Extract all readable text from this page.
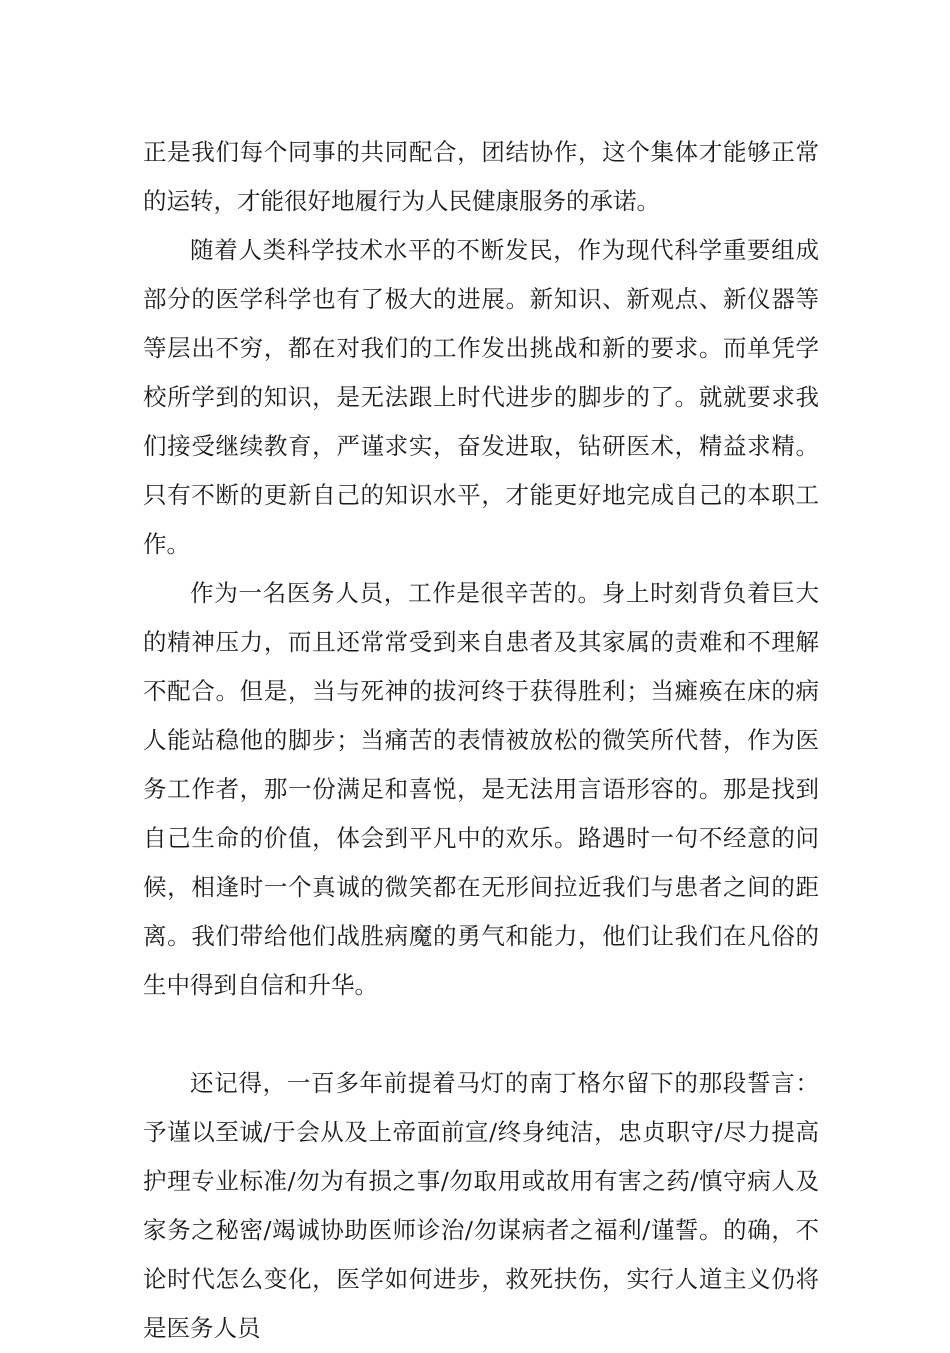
正是我们每个同事的共同配合，团结协作，这个集体才能够正常的运转，才能很好地履行为人民健康服务的承诺。

随着人类科学技术水平的不断发民，作为现代科学重要组成部分的医学科学也有了极大的进展。新知识、新观点、新仪器等等层出不穷，都在对我们的工作发出挑战和新的要求。而单凭学校所学到的知识，是无法跟上时代进步的脚步的了。就就要求我们接受继续教育，严谨求实，奋发进取，钻研医术，精益求精。只有不断的更新自己的知识水平，才能更好地完成自己的本职工作。

作为一名医务人员，工作是很辛苦的。身上时刻背负着巨大的精神压力，而且还常常受到来自患者及其家属的责难和不理解不配合。但是，当与死神的拔河终于获得胜利；当瘫痪在床的病人能站稳他的脚步；当痛苦的表情被放松的微笑所代替，作为医务工作者，那一份满足和喜悦，是无法用言语形容的。那是找到自己生命的价值，体会到平凡中的欢乐。路遇时一句不经意的问候，相逢时一个真诚的微笑都在无形间拉近我们与患者之间的距离。我们带给他们战胜病魔的勇气和能力，他们让我们在凡俗的生中得到自信和升华。

还记得，一百多年前提着马灯的南丁格尔留下的那段誓言：予谨以至诚/于会从及上帝面前宣/终身纯洁，忠贞职守/尽力提高护理专业标准/勿为有损之事/勿取用或故用有害之药/慎守病人及家务之秘密/竭诚协助医师诊治/勿谋病者之福利/谨誓。的确，不论时代怎么变化，医学如何进步，救死扶伤，实行人道主义仍将是医务人员
